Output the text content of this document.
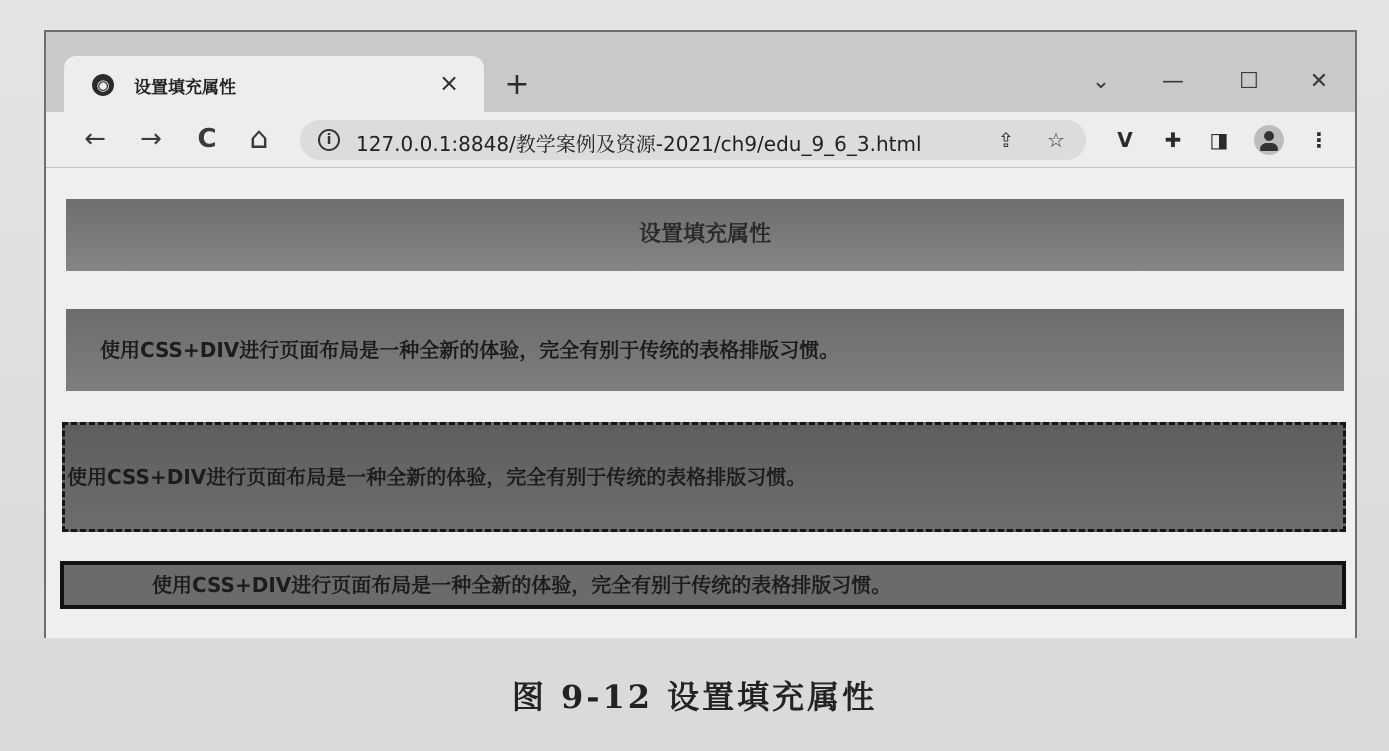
◉ 设置填充属性	× +	⌄ —	☐ ✕
← → C ⌂	i	127.0.0.1:8848/教学案例及资源-2021/ch9/edu_9_6_3.html	⇪ ☆	V	✚	◨	⋮
设置填充属性
使用CSS+DIV进行页面布局是一种全新的体验，完全有别于传统的表格排版习惯。
使用CSS+DIV进行页面布局是一种全新的体验，完全有别于传统的表格排版习惯。
使用CSS+DIV进行页面布局是一种全新的体验，完全有别于传统的表格排版习惯。
图 9-12 设置填充属性
